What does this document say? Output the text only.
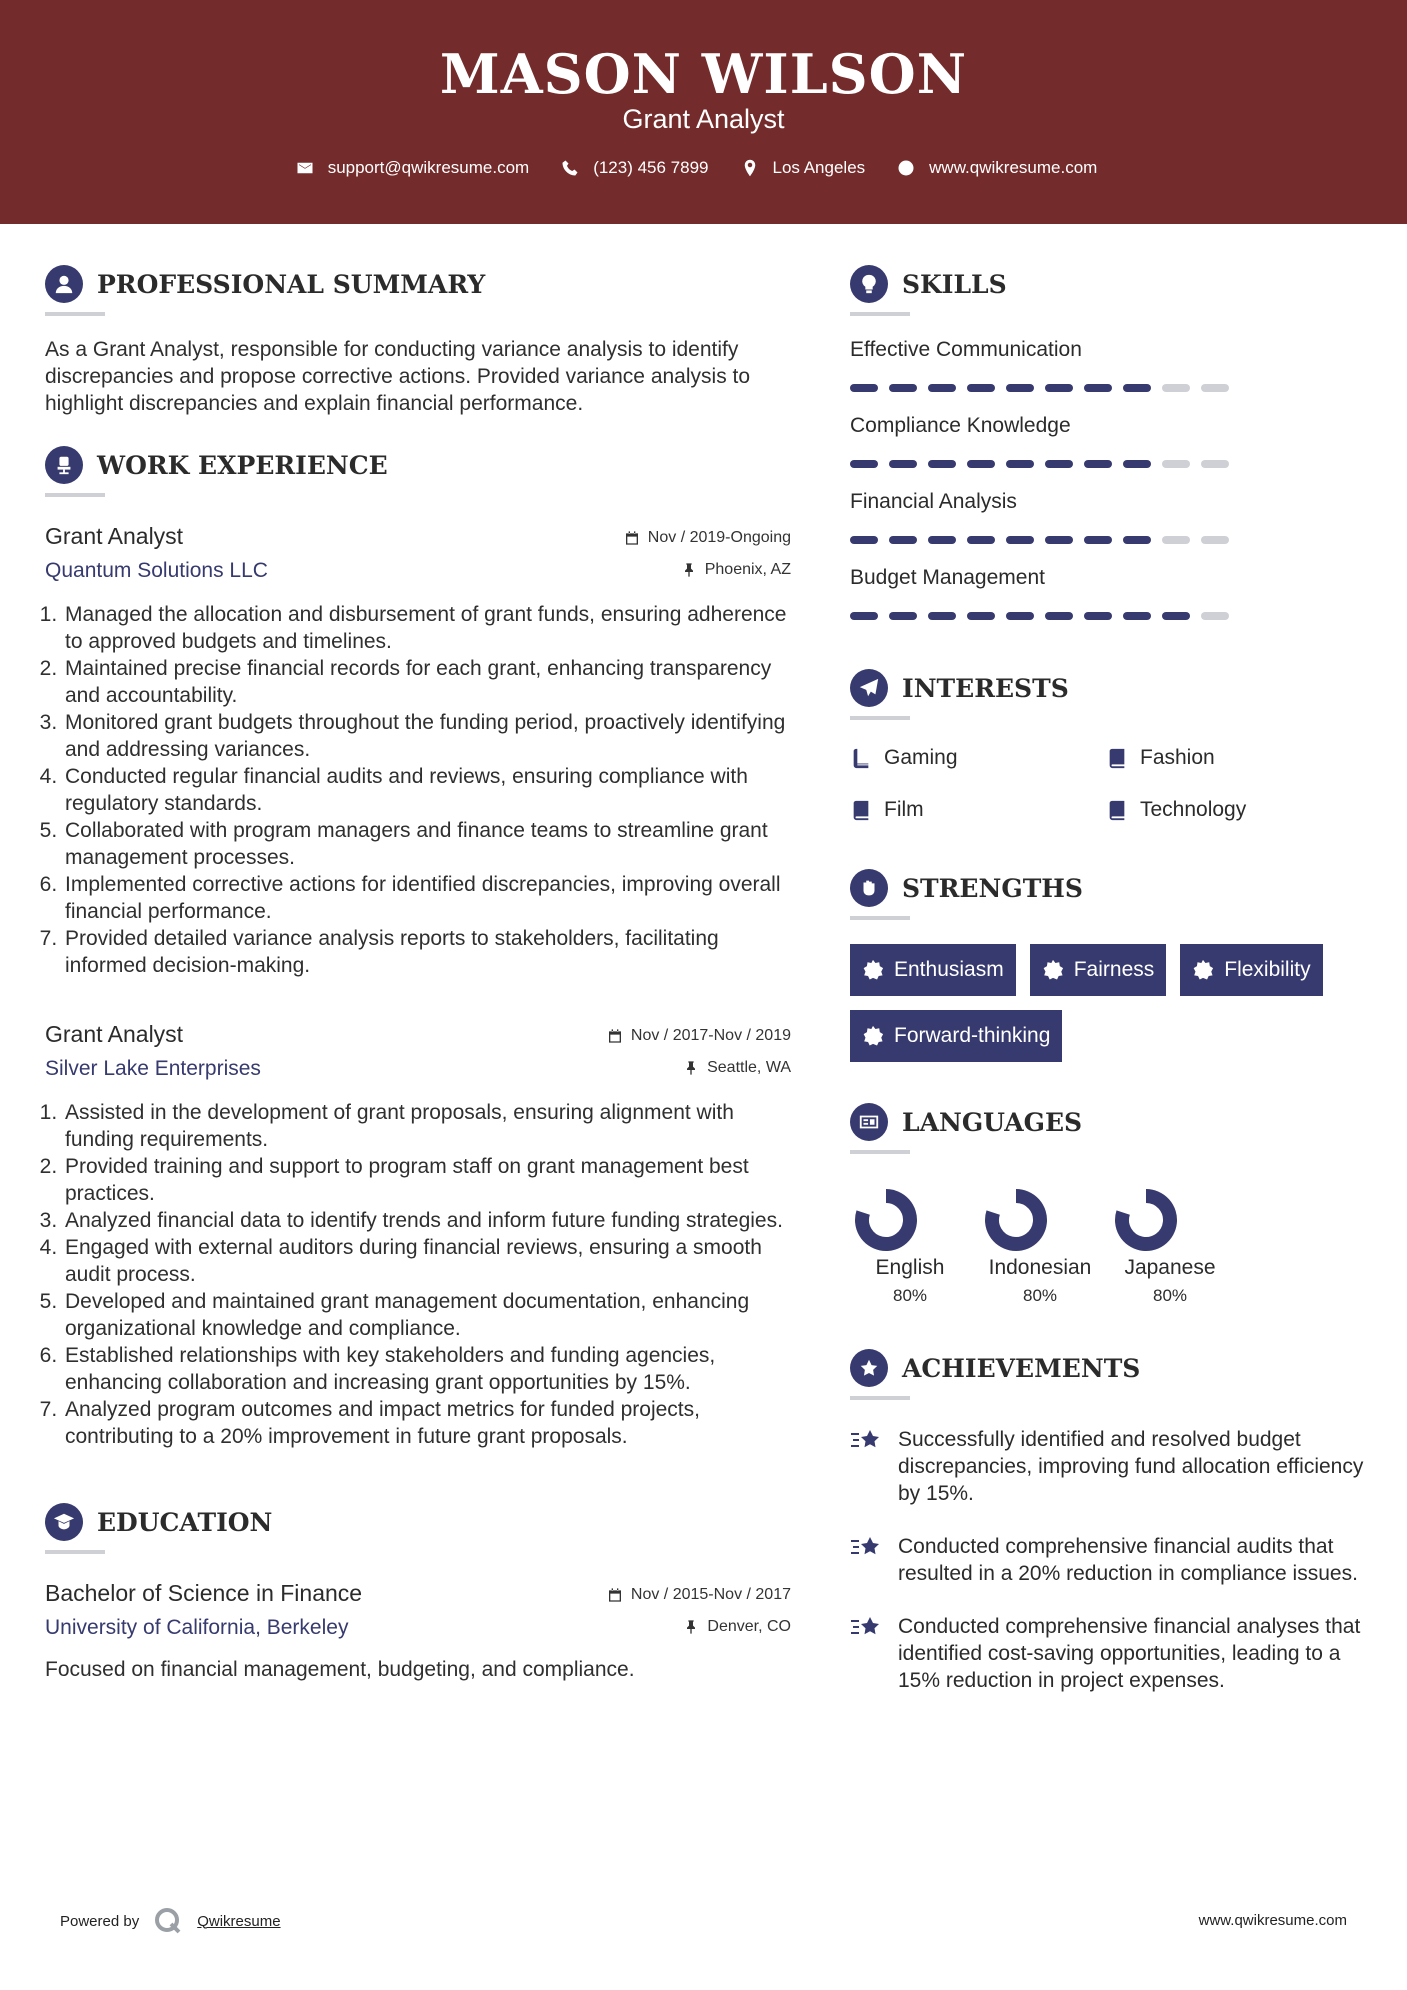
MASON WILSON
Grant Analyst
support@qwikresume.com	(123) 456 7899	Los Angeles	www.qwikresume.com
PROFESSIONAL SUMMARY
As a Grant Analyst, responsible for conducting variance analysis to identify discrepancies and propose corrective actions. Provided variance analysis to highlight discrepancies and explain financial performance.
WORK EXPERIENCE
Grant Analyst
Quantum Solutions LLC
Nov / 2019-Ongoing
Phoenix, AZ
1. Managed the allocation and disbursement of grant funds, ensuring adherence to approved budgets and timelines.
2. Maintained precise financial records for each grant, enhancing transparency and accountability.
3. Monitored grant budgets throughout the funding period, proactively identifying and addressing variances.
4. Conducted regular financial audits and reviews, ensuring compliance with regulatory standards.
5. Collaborated with program managers and finance teams to streamline grant management processes.
6. Implemented corrective actions for identified discrepancies, improving overall financial performance.
7. Provided detailed variance analysis reports to stakeholders, facilitating informed decision-making.
Grant Analyst
Silver Lake Enterprises
Nov / 2017-Nov / 2019
Seattle, WA
1. Assisted in the development of grant proposals, ensuring alignment with funding requirements.
2. Provided training and support to program staff on grant management best practices.
3. Analyzed financial data to identify trends and inform future funding strategies.
4. Engaged with external auditors during financial reviews, ensuring a smooth audit process.
5. Developed and maintained grant management documentation, enhancing organizational knowledge and compliance.
6. Established relationships with key stakeholders and funding agencies, enhancing collaboration and increasing grant opportunities by 15%.
7. Analyzed program outcomes and impact metrics for funded projects, contributing to a 20% improvement in future grant proposals.
EDUCATION
Bachelor of Science in Finance
University of California, Berkeley
Nov / 2015-Nov / 2017
Denver, CO
Focused on financial management, budgeting, and compliance.
SKILLS
Effective Communication
Compliance Knowledge
Financial Analysis
Budget Management
INTERESTS
Gaming	Fashion
Film	Technology
STRENGTHS
Enthusiasm	Fairness	Flexibility
Forward-thinking
LANGUAGES
English
80%
Indonesian
80%
Japanese
80%
ACHIEVEMENTS
Successfully identified and resolved budget discrepancies, improving fund allocation efficiency by 15%.
Conducted comprehensive financial audits that resulted in a 20% reduction in compliance issues.
Conducted comprehensive financial analyses that identified cost-saving opportunities, leading to a 15% reduction in project expenses.
Powered by	Qwikresume	www.qwikresume.com
